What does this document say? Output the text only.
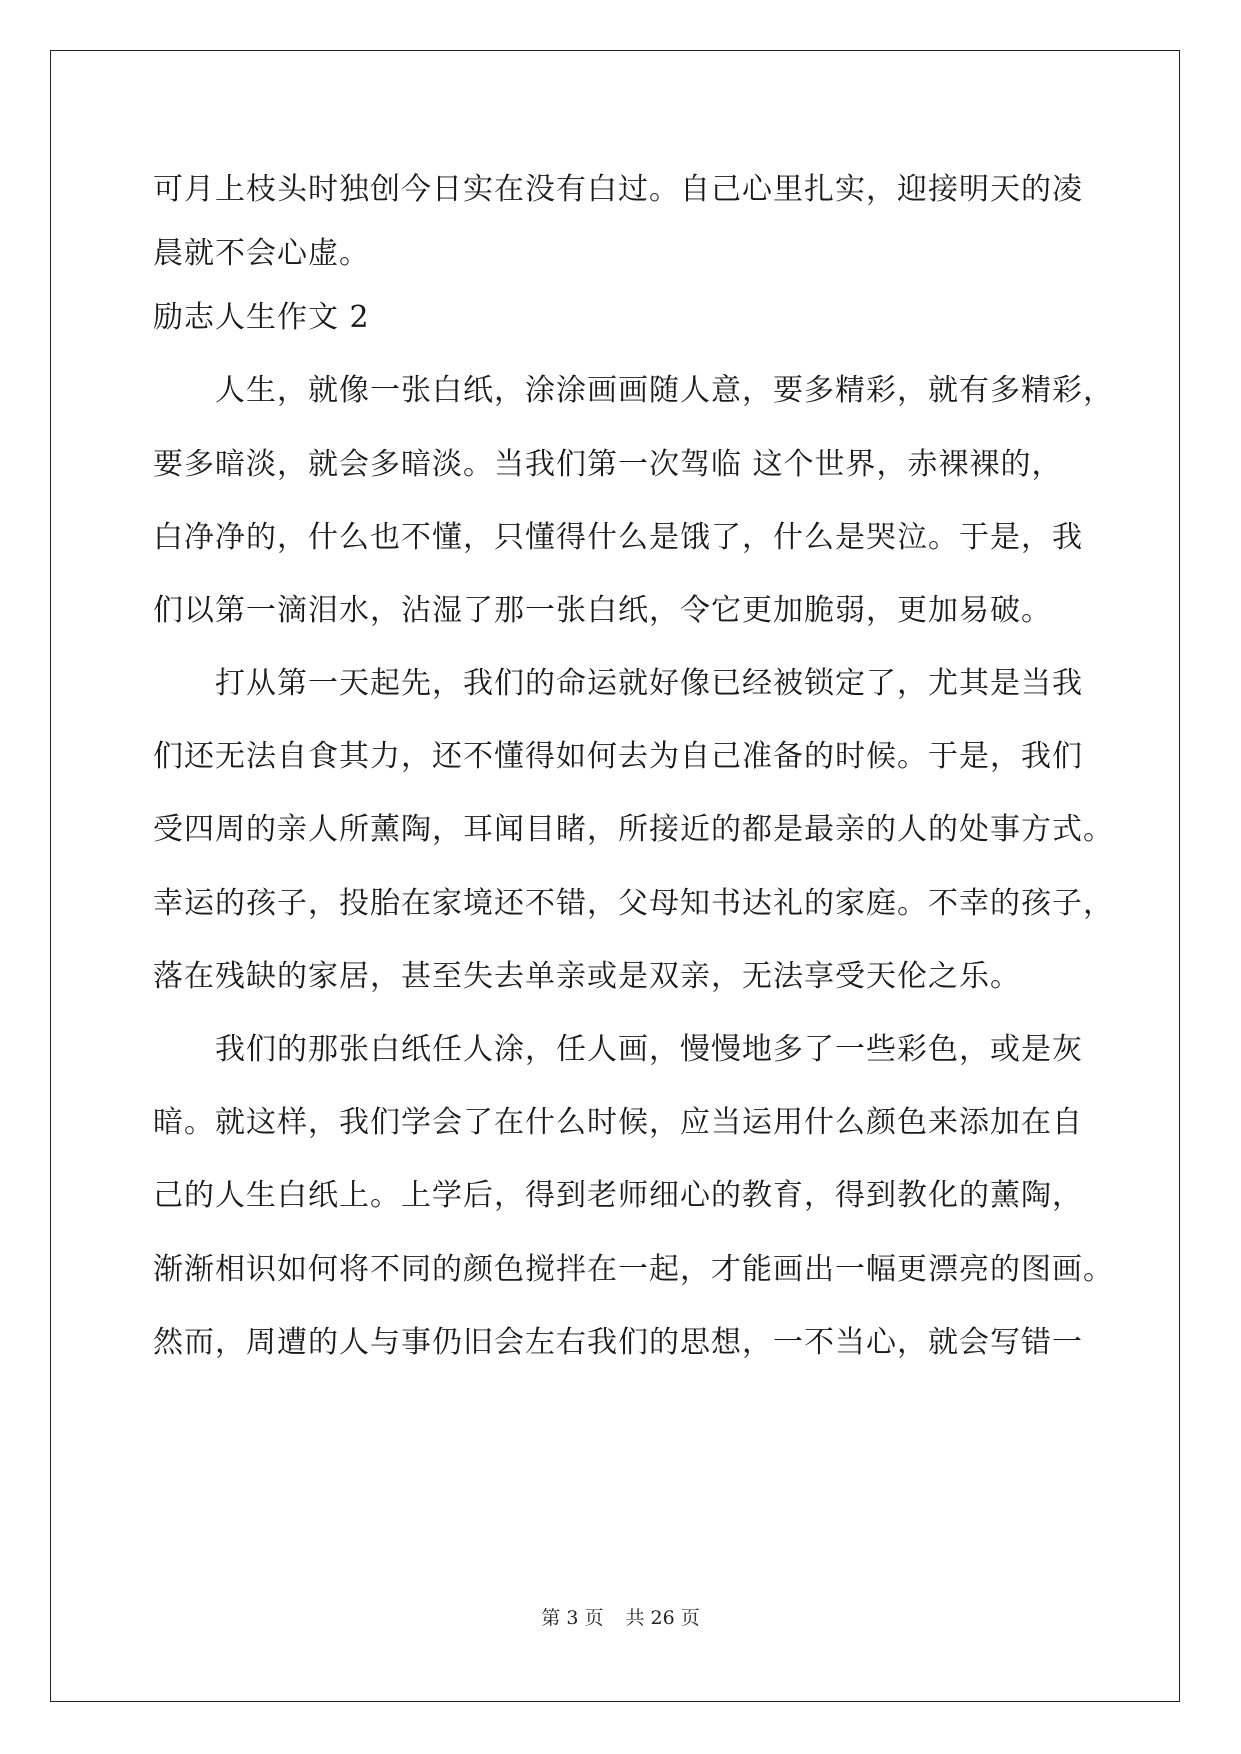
可月上枝头时独创今日实在没有白过。自己心里扎实，迎接明天的凌

晨就不会心虚。

励志人生作文 2

人生，就像一张白纸，涂涂画画随人意，要多精彩，就有多精彩，

要多暗淡，就会多暗淡。当我们第一次驾临 这个世界，赤裸裸的，

白净净的，什么也不懂，只懂得什么是饿了，什么是哭泣。于是，我

们以第一滴泪水，沾湿了那一张白纸，令它更加脆弱，更加易破。

打从第一天起先，我们的命运就好像已经被锁定了，尤其是当我

们还无法自食其力，还不懂得如何去为自己准备的时候。于是，我们

受四周的亲人所薰陶，耳闻目睹，所接近的都是最亲的人的处事方式。

幸运的孩子，投胎在家境还不错，父母知书达礼的家庭。不幸的孩子，

落在残缺的家居，甚至失去单亲或是双亲，无法享受天伦之乐。

我们的那张白纸任人涂，任人画，慢慢地多了一些彩色，或是灰

暗。就这样，我们学会了在什么时候，应当运用什么颜色来添加在自

己的人生白纸上。上学后，得到老师细心的教育，得到教化的薰陶，

渐渐相识如何将不同的颜色搅拌在一起，才能画出一幅更漂亮的图画。

然而，周遭的人与事仍旧会左右我们的思想，一不当心，就会写错一

第 3 页 共 26 页
